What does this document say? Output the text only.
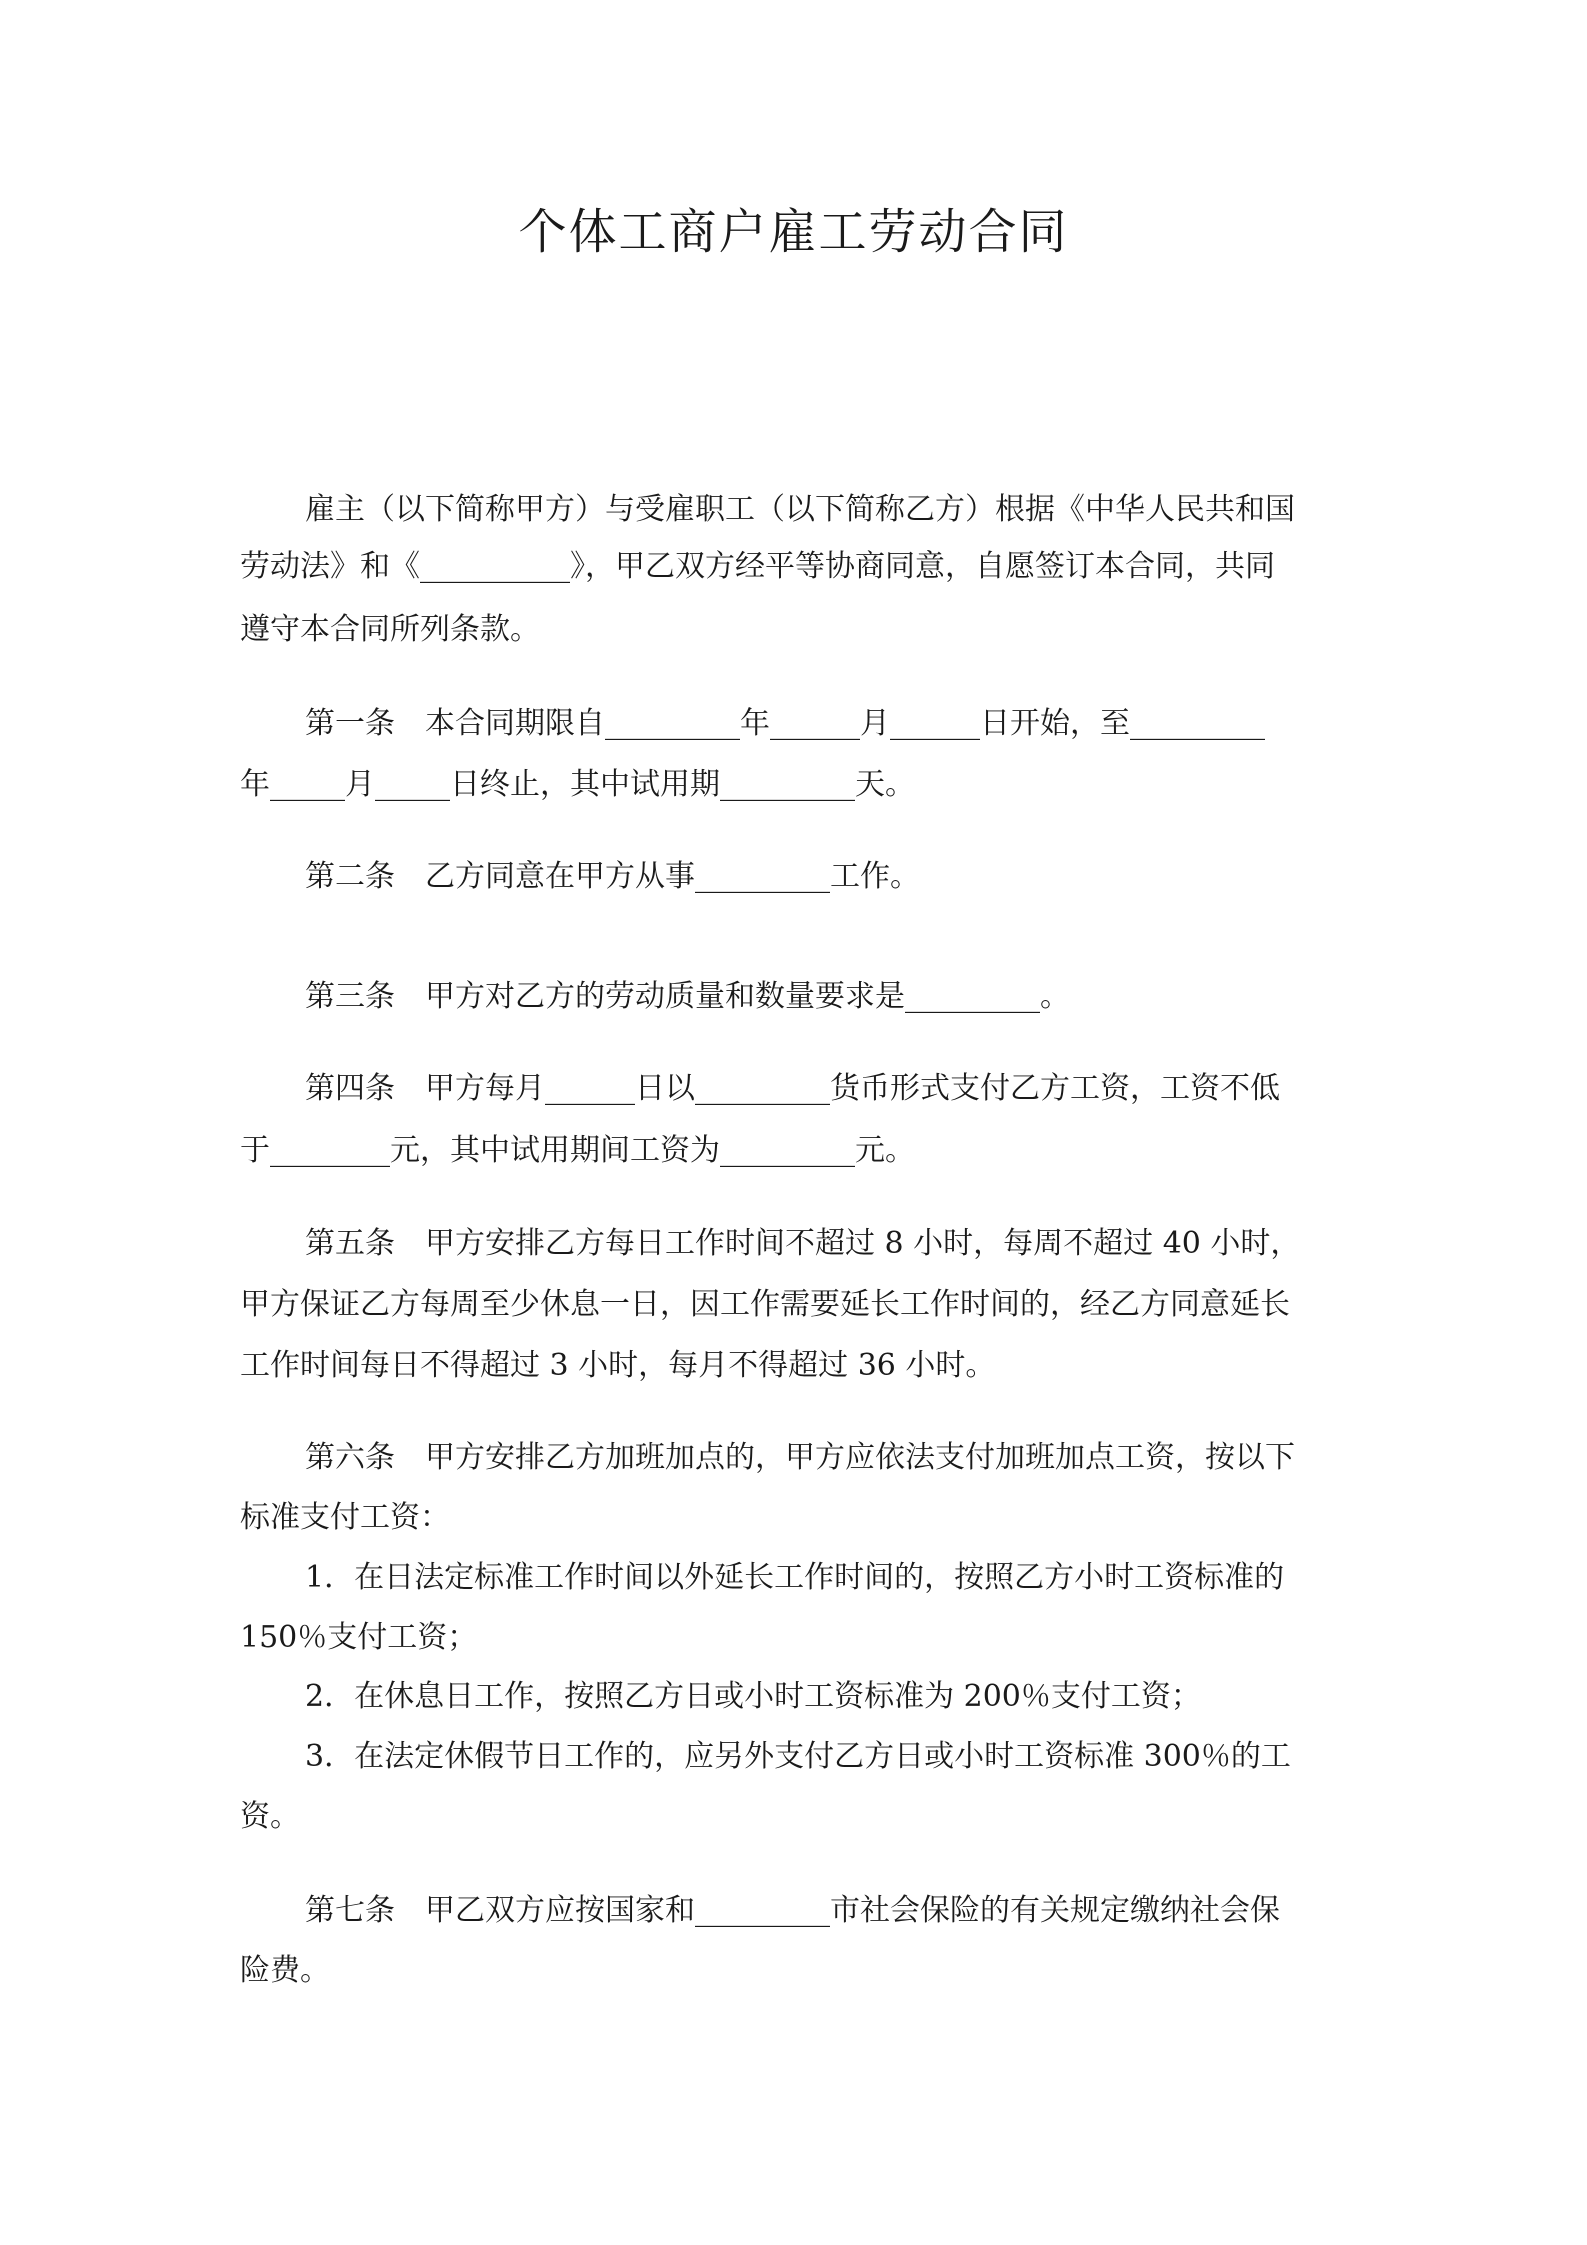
个体工商户雇工劳动合同
雇主（以下简称甲方）与受雇职工（以下简称乙方）根据《中华人民共和国
劳动法》和《__________》，甲乙双方经平等协商同意，自愿签订本合同，共同
遵守本合同所列条款。
第一条　本合同期限自_________年______月______日开始，至_________
年_____月_____日终止，其中试用期_________天。
第二条　乙方同意在甲方从事_________工作。
第三条　甲方对乙方的劳动质量和数量要求是_________。
第四条　甲方每月______日以_________货币形式支付乙方工资，工资不低
于________元，其中试用期间工资为_________元。
第五条　甲方安排乙方每日工作时间不超过 8 小时，每周不超过 40 小时，
甲方保证乙方每周至少休息一日，因工作需要延长工作时间的，经乙方同意延长
工作时间每日不得超过 3 小时，每月不得超过 36 小时。
第六条　甲方安排乙方加班加点的，甲方应依法支付加班加点工资，按以下
标准支付工资：
1．在日法定标准工作时间以外延长工作时间的，按照乙方小时工资标准的
150％支付工资；
2．在休息日工作，按照乙方日或小时工资标准为 200％支付工资；
3．在法定休假节日工作的，应另外支付乙方日或小时工资标准 300％的工
资。
第七条　甲乙双方应按国家和_________市社会保险的有关规定缴纳社会保
险费。
